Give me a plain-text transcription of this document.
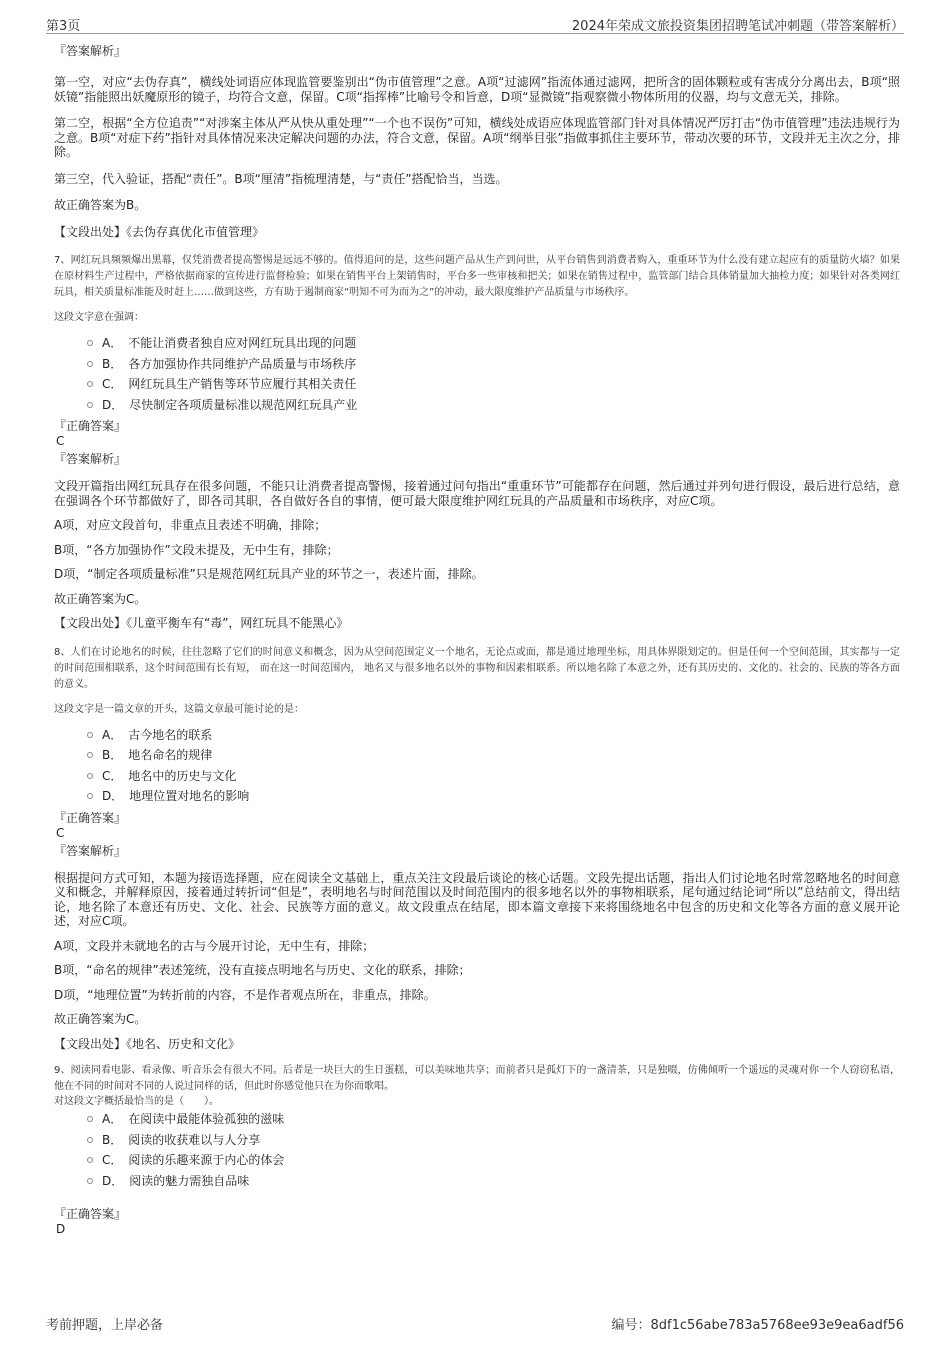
第3页	2024年荣成文旅投资集团招聘笔试冲刺题（带答案解析）

『答案解析』

第一空，对应“去伪存真”，横线处词语应体现监管要鉴别出“伪市值管理”之意。A项“过滤网”指流体通过滤网，把所含的固体颗粒或有害成分分离出去，B项“照妖镜”指能照出妖魔原形的镜子，均符合文意，保留。C项“指挥棒”比喻号令和旨意，D项“显微镜”指观察微小物体所用的仪器，均与文意无关，排除。

第二空，根据“全方位追责”“对涉案主体从严从快从重处理”“一个也不误伤”可知，横线处成语应体现监管部门针对具体情况严厉打击“伪市值管理”违法违规行为之意。B项“对症下药”指针对具体情况来决定解决问题的办法，符合文意，保留。A项“纲举目张”指做事抓住主要环节，带动次要的环节，文段并无主次之分，排除。

第三空，代入验证，搭配“责任”。B项“厘清”指梳理清楚，与“责任”搭配恰当，当选。

故正确答案为B。

【文段出处】《去伪存真优化市值管理》

7、网红玩具频频爆出黑幕，仅凭消费者提高警惕是远远不够的。值得追问的是，这些问题产品从生产到问世，从平台销售到消费者购入，重重环节为什么没有建立起应有的质量防火墙？如果在原材料生产过程中，严格依据商家的宣传进行监督检验；如果在销售平台上架销售时，平台多一些审核和把关；如果在销售过程中，监管部门结合具体销量加大抽检力度；如果针对各类网红玩具，相关质量标准能及时赶上……做到这些，方有助于遏制商家“明知不可为而为之”的冲动，最大限度维护产品质量与市场秩序。

这段文字意在强调：

A． 不能让消费者独自应对网红玩具出现的问题
B． 各方加强协作共同维护产品质量与市场秩序
C． 网红玩具生产销售等环节应履行其相关责任
D． 尽快制定各项质量标准以规范网红玩具产业

『正确答案』

C

『答案解析』

文段开篇指出网红玩具存在很多问题，不能只让消费者提高警惕，接着通过问句指出“重重环节”可能都存在问题，然后通过并列句进行假设，最后进行总结，意在强调各个环节都做好了，即各司其职，各自做好各自的事情，便可最大限度维护网红玩具的产品质量和市场秩序，对应C项。

A项，对应文段首句，非重点且表述不明确，排除；

B项，“各方加强协作”文段未提及，无中生有，排除；

D项，“制定各项质量标准”只是规范网红玩具产业的环节之一，表述片面，排除。

故正确答案为C。

【文段出处】《儿童平衡车有“毒”，网红玩具不能黑心》

8、人们在讨论地名的时候，往往忽略了它们的时间意义和概念，因为从空间范围定义一个地名，无论点或面，都是通过地理坐标，用具体界限划定的。但是任何一个空间范围，其实都与一定的时间范围相联系，这个时间范围有长有短， 而在这一时间范围内， 地名又与很多地名以外的事物和因素相联系。所以地名除了本意之外，还有其历史的、文化的、社会的、民族的等各方面的意义。

这段文字是一篇文章的开头，这篇文章最可能讨论的是：

A． 古今地名的联系
B． 地名命名的规律
C． 地名中的历史与文化
D． 地理位置对地名的影响

『正确答案』

C

『答案解析』

根据提问方式可知，本题为接语选择题，应在阅读全文基础上，重点关注文段最后谈论的核心话题。文段先提出话题，指出人们讨论地名时常忽略地名的时间意义和概念，并解释原因，接着通过转折词“但是”，表明地名与时间范围以及时间范围内的很多地名以外的事物相联系，尾句通过结论词“所以”总结前文，得出结论，地名除了本意还有历史、文化、社会、民族等方面的意义。故文段重点在结尾，即本篇文章接下来将围绕地名中包含的历史和文化等各方面的意义展开论述，对应C项。

A项，文段并未就地名的古与今展开讨论，无中生有，排除；

B项，“命名的规律”表述笼统，没有直接点明地名与历史、文化的联系，排除；

D项，“地理位置”为转折前的内容，不是作者观点所在，非重点，排除。

故正确答案为C。

【文段出处】《地名、历史和文化》

9、阅读同看电影、看录像、听音乐会有很大不同。后者是一块巨大的生日蛋糕，可以美味地共享；而前者只是孤灯下的一盏清茶，只是独啜，仿佛倾听一个遥远的灵魂对你一个人窃窃私语，他在不同的时间对不同的人说过同样的话，但此时你感觉他只在为你而歌唱。

对这段文字概括最恰当的是（　　）。

A． 在阅读中最能体验孤独的滋味
B． 阅读的收获难以与人分享
C． 阅读的乐趣来源于内心的体会
D． 阅读的魅力需独自品味

『正确答案』

D

考前押题，上岸必备	编号：8df1c56abe783a5768ee93e9ea6adf56
